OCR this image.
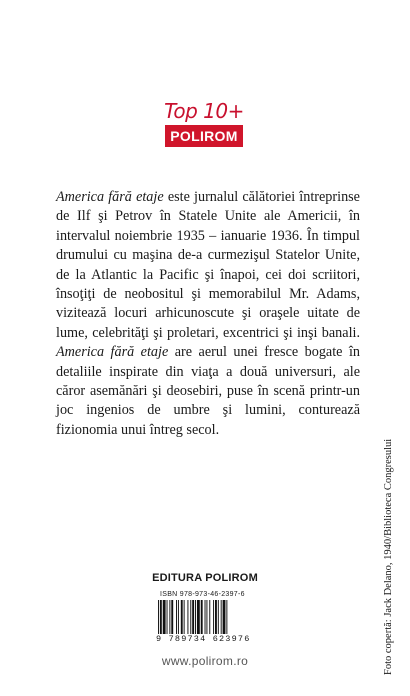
Top 10+
POLIROM
America fără etaje este jurnalul călătoriei întreprinse de Ilf şi Petrov în Statele Unite ale Americii, în intervalul noiembrie 1935 – ianuarie 1936. În timpul drumului cu maşina de-a curmezişul Statelor Unite, de la Atlantic la Pacific şi înapoi, cei doi scriitori, însoţiţi de neobositul şi memorabilul Mr. Adams, vizitează locuri arhicunoscute şi oraşele uitate de lume, celebrităţi şi proletari, excentrici şi inşi banali. America fără etaje are aerul unei fresce bogate în detaliile inspirate din viaţa a două universuri, ale căror asemănări şi deosebiri, puse în scenă printr-un joc ingenios de umbre şi lumini, conturează fizionomia unui întreg secol.
Foto copertă: Jack Delano, 1940/Biblioteca Congresului
EDITURA POLIROM
ISBN 978-973-46-2397-6
9 789734 623976
www.polirom.ro
